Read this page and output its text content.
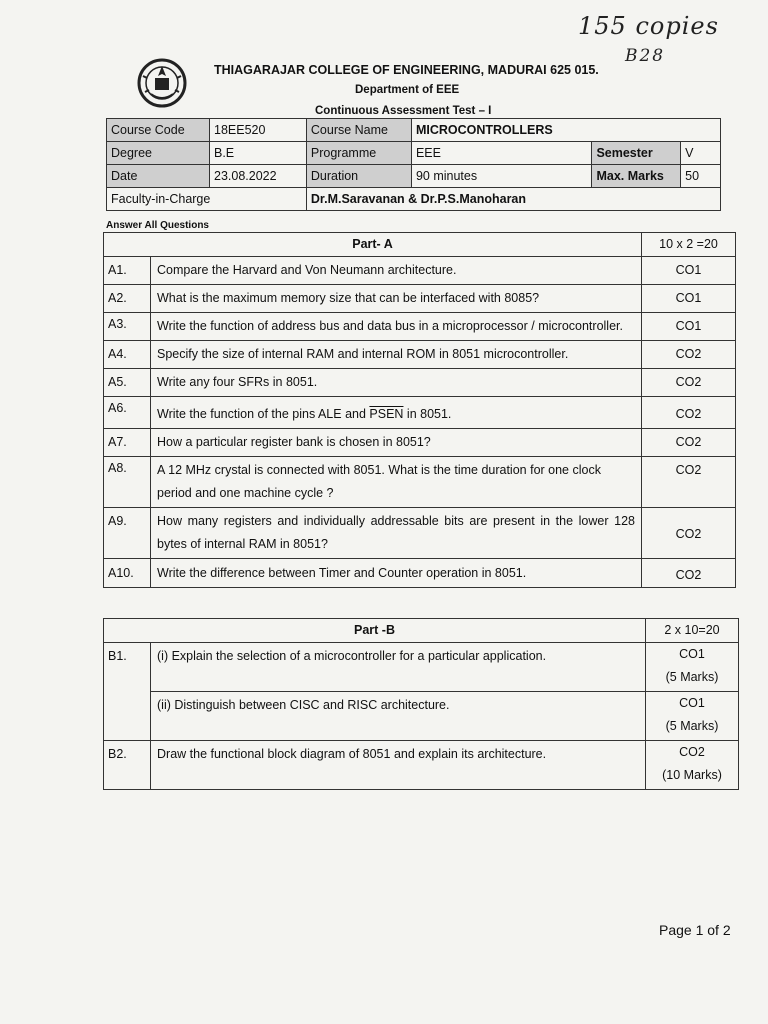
155 copies
B28
THIAGARAJAR COLLEGE OF ENGINEERING, MADURAI 625 015.
Department of EEE
Continuous Assessment Test – I
Course Code	18EE520	Course Name	MICROCONTROLLERS		
Degree	B.E	Programme	EEE	Semester	V
Date	23.08.2022	Duration	90 minutes	Max. Marks	50
Faculty-in-Charge		Dr.M.Saravanan & Dr.P.S.Manoharan			
Answer All Questions
Part- A		10 x 2 =20
A1.	Compare the Harvard and Von Neumann architecture.	CO1
A2.	What is the maximum memory size that can be interfaced with 8085?	CO1
A3.	Write the function of address bus and data bus in a microprocessor / microcontroller.	CO1
A4.	Specify the size of internal RAM and internal ROM in 8051 microcontroller.	CO2
A5.	Write any four SFRs in 8051.	CO2
A6.	Write the function of the pins ALE and PSEN in 8051.	CO2
A7.	How a particular register bank is chosen in 8051?	CO2
A8.	A 12 MHz crystal is connected with 8051. What is the time duration for one clock period and one machine cycle ?	CO2
A9.	How many registers and individually addressable bits are present in the lower 128 bytes of internal RAM in 8051?	CO2
A10.	Write the difference between Timer and Counter operation in 8051.	CO2
Part -B		2 x 10=20
B1.	(i) Explain the selection of a microcontroller for a particular application.	CO1
(5 Marks)

	(ii) Distinguish between CISC and RISC architecture.	CO1
(5 Marks)

B2.	Draw the functional block diagram of 8051 and explain its architecture.	CO2
(10 Marks)
Page 1 of 2
